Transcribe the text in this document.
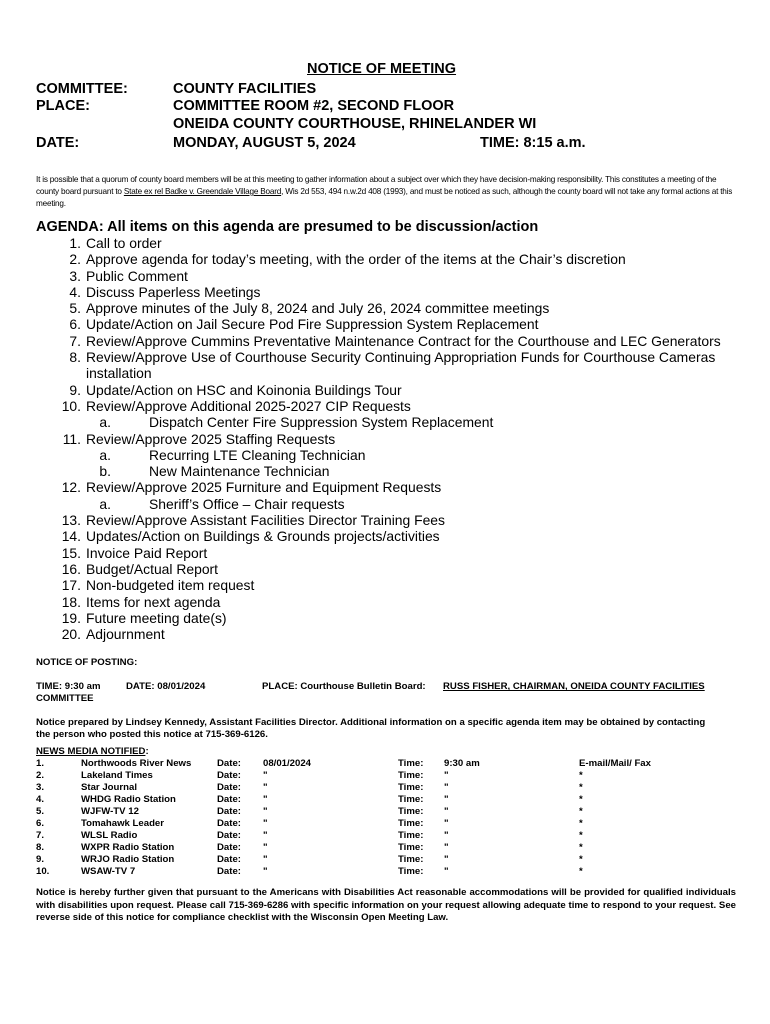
NOTICE OF MEETING
COMMITTEE:	COUNTY FACILITIES
PLACE:	COMMITTEE ROOM #2, SECOND FLOOR
ONEIDA COUNTY COURTHOUSE, RHINELANDER WI
DATE:	MONDAY, AUGUST 5, 2024	TIME: 8:15 a.m.
It is possible that a quorum of county board members will be at this meeting to gather information about a subject over which they have decision-making responsibility. This constitutes a meeting of the county board pursuant to State ex rel Badke v. Greendale Village Board, Wis 2d 553, 494 n.w.2d 408 (1993), and must be noticed as such, although the county board will not take any formal actions at this meeting.
AGENDA: All items on this agenda are presumed to be discussion/action
1. Call to order
2. Approve agenda for today’s meeting, with the order of the items at the Chair’s discretion
3. Public Comment
4. Discuss Paperless Meetings
5. Approve minutes of the July 8, 2024 and July 26, 2024 committee meetings
6. Update/Action on Jail Secure Pod Fire Suppression System Replacement
7. Review/Approve Cummins Preventative Maintenance Contract for the Courthouse and LEC Generators
8. Review/Approve Use of Courthouse Security Continuing Appropriation Funds for Courthouse Cameras installation
9. Update/Action on HSC and Koinonia Buildings Tour
10. Review/Approve Additional 2025-2027 CIP Requests
a.	Dispatch Center Fire Suppression System Replacement
11. Review/Approve 2025 Staffing Requests
a.	Recurring LTE Cleaning Technician
b.	New Maintenance Technician
12. Review/Approve 2025 Furniture and Equipment Requests
a.	Sheriff’s Office – Chair requests
13. Review/Approve Assistant Facilities Director Training Fees
14. Updates/Action on Buildings & Grounds projects/activities
15. Invoice Paid Report
16. Budget/Actual Report
17. Non-budgeted item request
18. Items for next agenda
19. Future meeting date(s)
20. Adjournment
NOTICE OF POSTING:
TIME: 9:30 am	DATE: 08/01/2024	PLACE: Courthouse Bulletin Board: RUSS FISHER, CHAIRMAN, ONEIDA COUNTY FACILITIES
COMMITTEE
Notice prepared by Lindsey Kennedy, Assistant Facilities Director. Additional information on a specific agenda item may be obtained by contacting
the person who posted this notice at 715-369-6126.
NEWS MEDIA NOTIFIED:
1.	Northwoods River News	Date: 08/01/2024	Time: 9:30 am	E-mail/Mail/ Fax
2.	Lakeland Times	Date: "	Time: "	*
3.	Star Journal	Date: "	Time: "	*
4.	WHDG Radio Station	Date: "	Time: "	*
5.	WJFW-TV 12	Date: "	Time: "	*
6.	Tomahawk Leader	Date: "	Time: "	*
7.	WLSL Radio	Date: "	Time: "	*
8.	WXPR Radio Station	Date: "	Time: "	*
9.	WRJO Radio Station	Date: "	Time: "	*
10.	WSAW-TV 7	Date: "	Time: "	*
Notice is hereby further given that pursuant to the Americans with Disabilities Act reasonable accommodations will be provided for qualified individuals with disabilities upon request. Please call 715-369-6286 with specific information on your request allowing adequate time to respond to your request. See reverse side of this notice for compliance checklist with the Wisconsin Open Meeting Law.
